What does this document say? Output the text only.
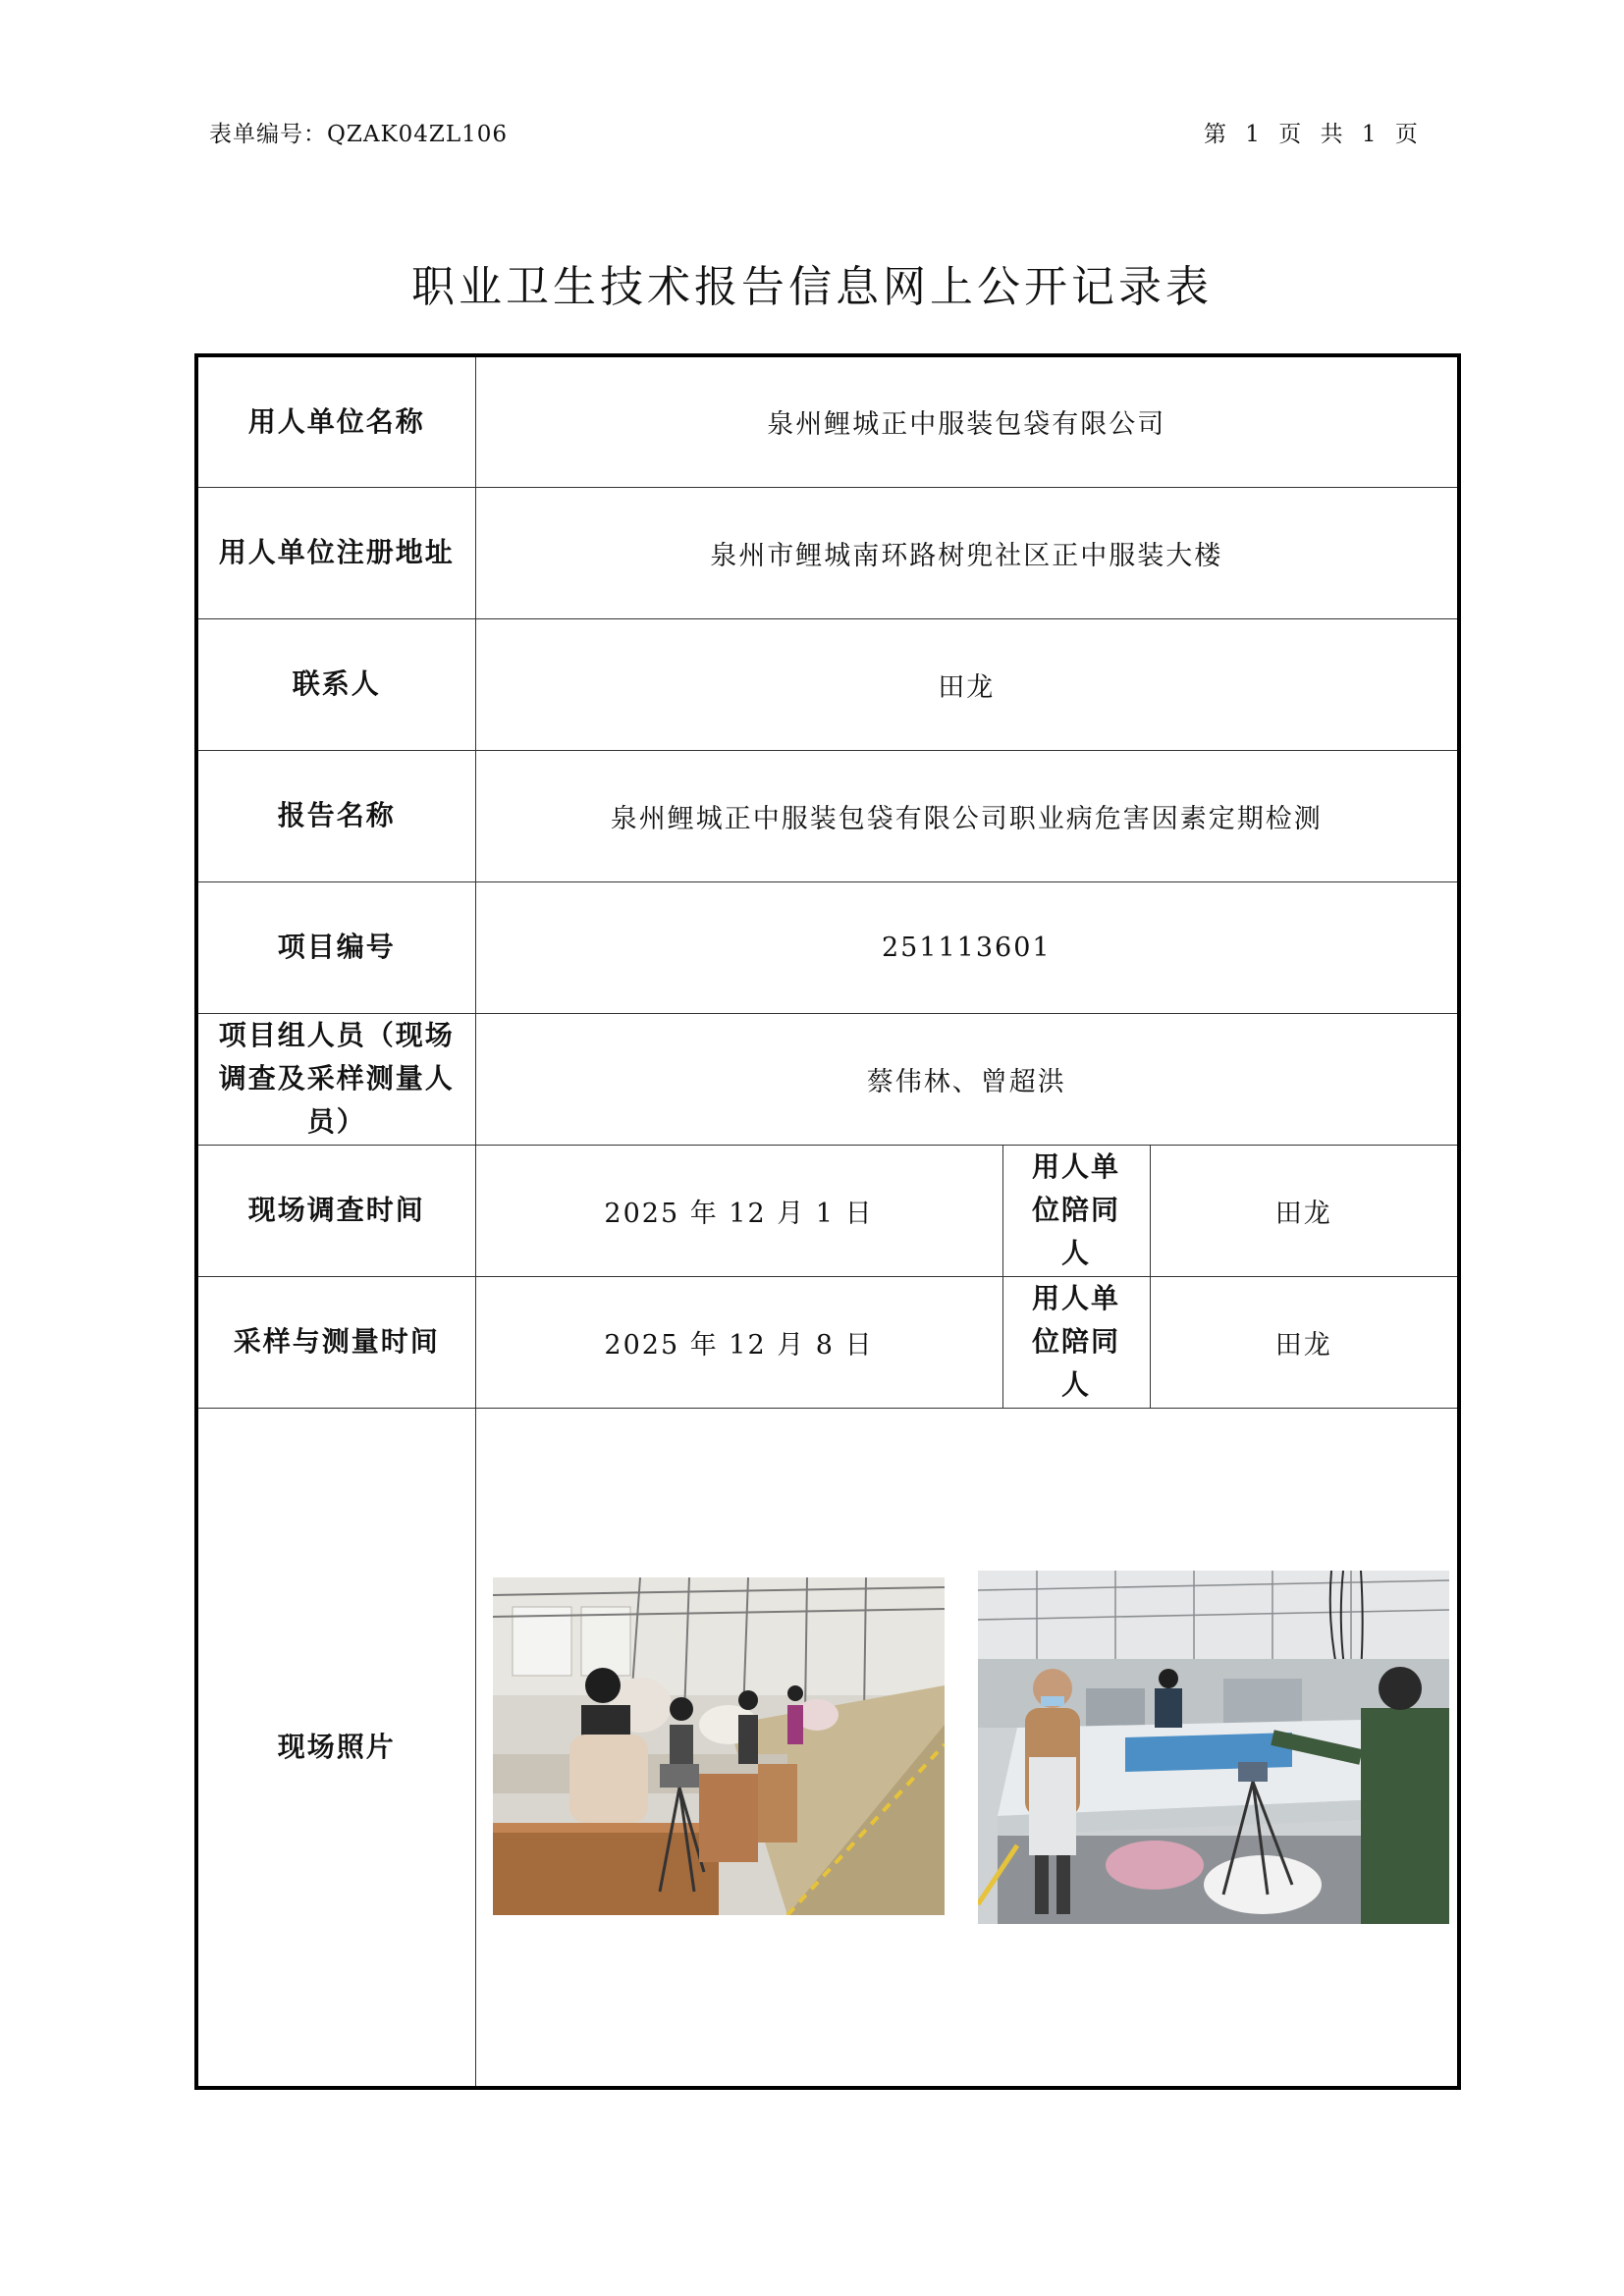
表单编号：QZAK04ZL106	第 1 页 共 1 页
职业卫生技术报告信息网上公开记录表
用人单位名称	泉州鲤城正中服装包袋有限公司		
用人单位注册地址	泉州市鲤城南环路树兜社区正中服装大楼		
联系人	田龙		
报告名称	泉州鲤城正中服装包袋有限公司职业病危害因素定期检测		
项目编号	251113601		
项目组人员（现场调查及采样测量人员）	蔡伟林、曾超洪		
现场调查时间	2025 年 12 月 1 日	用人单位陪同人	田龙
采样与测量时间	2025 年 12 月 8 日	用人单位陪同人	田龙
现场照片	
